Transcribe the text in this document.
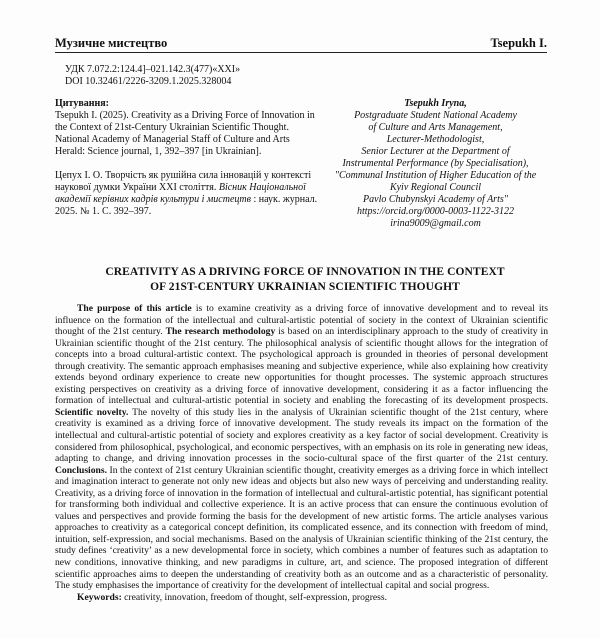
Музичне мистецтво	Tsepukh I.
УДК 7.072.2:124.4]–021.142.3(477)«XXI»
DOI 10.32461/2226-3209.1.2025.328004
Цитування:
Tsepukh I. (2025). Creativity as a Driving Force of Innovation in the Context of 21st-Century Ukrainian Scientific Thought. National Academy of Managerial Staff of Culture and Arts Herald: Science journal, 1, 392–397 [in Ukrainian].
Цепух І. О. Творчість як рушійна сила інновацій у контексті наукової думки України XXI століття. Вісник Національної академії керівних кадрів культури і мистецтв : наук. журнал. 2025. № 1. С. 392–397.
Tsepukh Iryna,
Postgraduate Student National Academy
of Culture and Arts Management,
Lecturer-Methodologist,
Senior Lecturer at the Department of
Instrumental Performance (by Specialisation),
"Communal Institution of Higher Education of the
Kyiv Regional Council
Pavlo Chubynskyi Academy of Arts"
https://orcid.org/0000-0003-1122-3122
irina9009@gmail.com
CREATIVITY AS A DRIVING FORCE OF INNOVATION IN THE CONTEXT
OF 21ST-CENTURY UKRAINIAN SCIENTIFIC THOUGHT

The purpose of this article is to examine creativity as a driving force of innovative development and to reveal its influence on the formation of the intellectual and cultural-artistic potential of society in the context of Ukrainian scientific thought of the 21st century. The research methodology is based on an interdisciplinary approach to the study of creativity in Ukrainian scientific thought of the 21st century. The philosophical analysis of scientific thought allows for the integration of concepts into a broad cultural-artistic context. The psychological approach is grounded in theories of personal development through creativity. The semantic approach emphasises meaning and subjective experience, while also explaining how creativity extends beyond ordinary experience to create new opportunities for thought processes. The systemic approach structures existing perspectives on creativity as a driving force of innovative development, considering it as a factor influencing the formation of intellectual and cultural-artistic potential in society and enabling the forecasting of its development prospects. Scientific novelty. The novelty of this study lies in the analysis of Ukrainian scientific thought of the 21st century, where creativity is examined as a driving force of innovative development. The study reveals its impact on the formation of the intellectual and cultural-artistic potential of society and explores creativity as a key factor of social development. Creativity is considered from philosophical, psychological, and economic perspectives, with an emphasis on its role in generating new ideas, adapting to change, and driving innovation processes in the socio-cultural space of the first quarter of the 21st century. Conclusions. In the context of 21st century Ukrainian scientific thought, creativity emerges as a driving force in which intellect and imagination interact to generate not only new ideas and objects but also new ways of perceiving and understanding reality. Creativity, as a driving force of innovation in the formation of intellectual and cultural-artistic potential, has significant potential for transforming both individual and collective experience. It is an active process that can ensure the continuous evolution of values and perspectives and provide forming the basis for the development of new artistic forms. The article analyses various approaches to creativity as a categorical concept definition, its complicated essence, and its connection with freedom of mind, intuition, self-expression, and social mechanisms. Based on the analysis of Ukrainian scientific thinking of the 21st century, the study defines ‘creativity’ as a new developmental force in society, which combines a number of features such as adaptation to new conditions, innovative thinking, and new paradigms in culture, art, and science. The proposed integration of different scientific approaches aims to deepen the understanding of creativity both as an outcome and as a characteristic of personality. The study emphasises the importance of creativity for the development of intellectual capital and social progress.

Keywords: creativity, innovation, freedom of thought, self-expression, progress.
